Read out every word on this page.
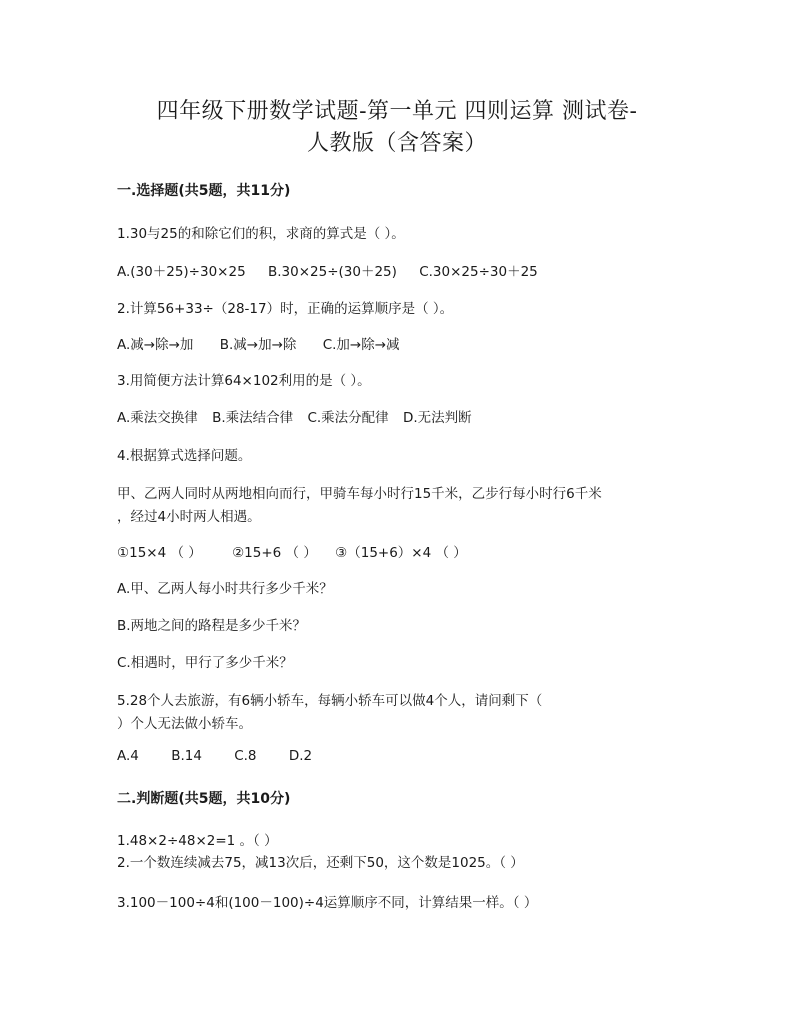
四年级下册数学试题-第一单元 四则运算 测试卷-
人教版（含答案）
一.选择题(共5题，共11分)
1.30与25的和除它们的积，求商的算式是（ ）。
A.(30＋25)÷30×25 B.30×25÷(30＋25) C.30×25÷30＋25
2.计算56+33÷（28-17）时，正确的运算顺序是（ ）。
A.减→除→加 B.减→加→除 C.加→除→减
3.用简便方法计算64×102利用的是（ ）。
A.乘法交换律 B.乘法结合律 C.乘法分配律 D.无法判断
4.根据算式选择问题。
甲、乙两人同时从两地相向而行，甲骑车每小时行15千米，乙步行每小时行6千米
，经过4小时两人相遇。
①15×4 （ ） ②15+6 （ ） ③（15+6）×4 （ ）
A.甲、乙两人每小时共行多少千米？
B.两地之间的路程是多少千米？
C.相遇时，甲行了多少千米？
5.28个人去旅游，有6辆小轿车，每辆小轿车可以做4个人，请问剩下（
）个人无法做小轿车。
A.4 B.14 C.8 D.2
二.判断题(共5题，共10分)
1.48×2÷48×2=1 。（ ）
2.一个数连续减去75，减13次后，还剩下50，这个数是1025。（ ）
3.100－100÷4和(100－100)÷4运算顺序不同，计算结果一样。（ ）
